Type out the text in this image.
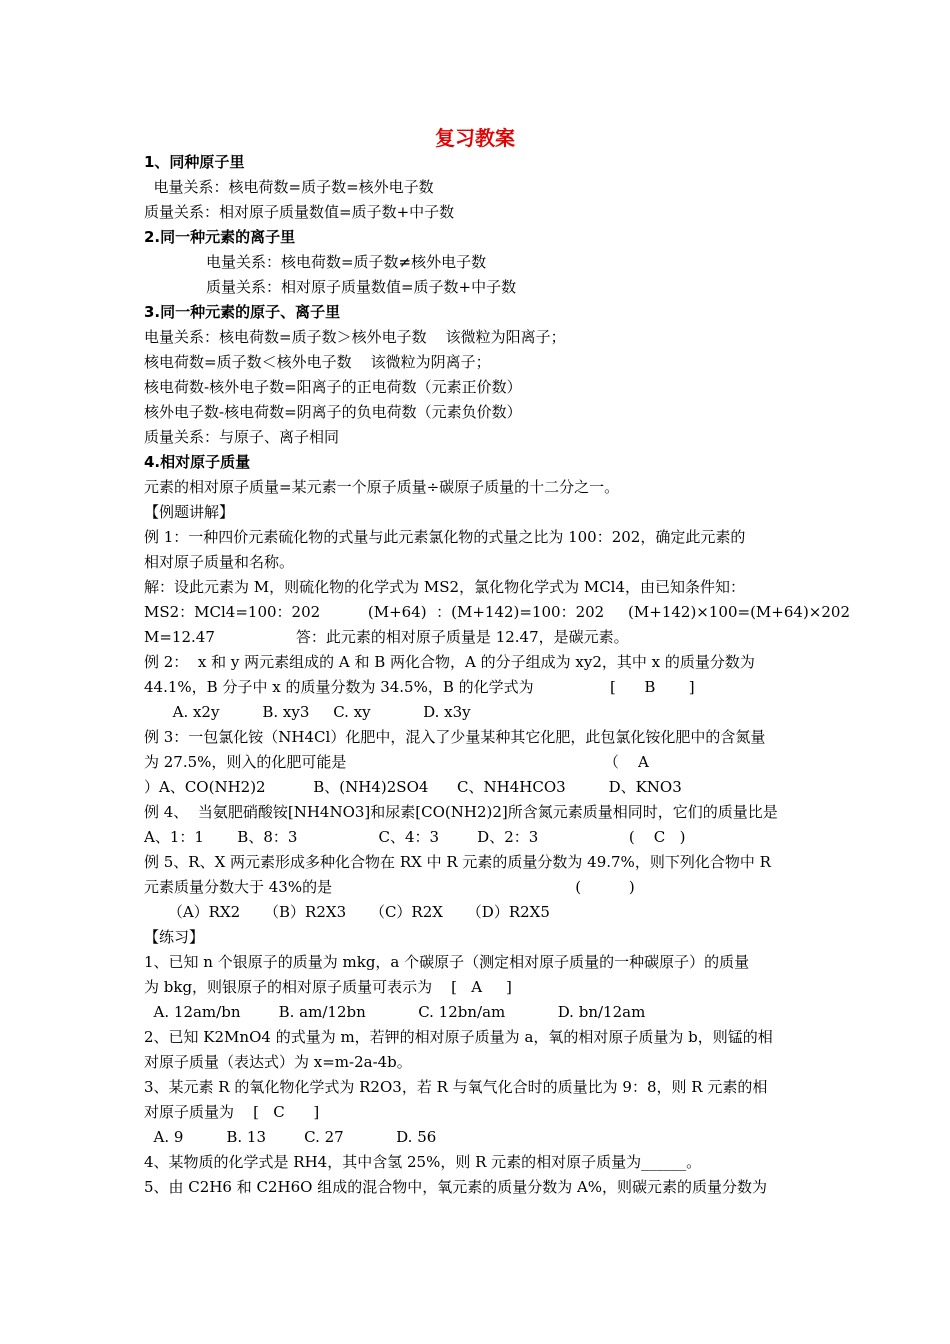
复习教案
1、同种原子里
电量关系：核电荷数=质子数=核外电子数
质量关系：相对原子质量数值=质子数+中子数
2.同一种元素的离子里
电量关系：核电荷数=质子数≠核外电子数
质量关系：相对原子质量数值=质子数+中子数
3.同一种元素的原子、离子里
电量关系：核电荷数=质子数＞核外电子数    该微粒为阳离子；
核电荷数=质子数＜核外电子数    该微粒为阴离子；
核电荷数-核外电子数=阳离子的正电荷数（元素正价数）
核外电子数-核电荷数=阴离子的负电荷数（元素负价数）
质量关系：与原子、离子相同
4.相对原子质量
元素的相对原子质量=某元素一个原子质量÷碳原子质量的十二分之一。
【例题讲解】
例 1：一种四价元素硫化物的式量与此元素氯化物的式量之比为 100：202，确定此元素的
相对原子质量和名称。
解：设此元素为 M，则硫化物的化学式为 MS2，氯化物化学式为 MCl4，由已知条件知：
MS2：MCl4=100：202          (M+64)  ：(M+142)=100：202     (M+142)×100=(M+64)×202
M=12.47                 答：此元素的相对原子质量是 12.47，是碳元素。
例 2：  x 和 y 两元素组成的 A 和 B 两化合物，A 的分子组成为 xy2，其中 x 的质量分数为
44.1%，B 分子中 x 的质量分数为 34.5%，B 的化学式为                [      B       ]
A. x2y         B. xy3     C. xy           D. x3y
例 3：一包氯化铵（NH4Cl）化肥中，混入了少量某种其它化肥，此包氯化铵化肥中的含氮量
为 27.5%，则入的化肥可能是                                                      （    A
）A、CO(NH2)2          B、(NH4)2SO4      C、NH4HCO3         D、KNO3
例 4、  当氨肥硝酸铵[NH4NO3]和尿素[CO(NH2)2]所含氮元素质量相同时，它们的质量比是
A、1：1       B、8：3                 C、4：3        D、2：3                   (    C   )
例 5、R、X 两元素形成多种化合物在 RX 中 R 元素的质量分数为 49.7%，则下列化合物中 R
元素质量分数大于 43%的是                                                   (          )
（A）RX2     （B）R2X3     （C）R2X     （D）R2X5
【练习】
1、已知 n 个银原子的质量为 mkg，a 个碳原子（测定相对原子质量的一种碳原子）的质量
为 bkg，则银原子的相对原子质量可表示为    [   A     ]
A. 12am/bn        B. am/12bn           C. 12bn/am           D. bn/12am
2、已知 K2MnO4 的式量为 m，若钾的相对原子质量为 a，氧的相对原子质量为 b，则锰的相
对原子质量（表达式）为 x=m-2a-4b。
3、某元素 R 的氧化物化学式为 R2O3，若 R 与氧气化合时的质量比为 9：8，则 R 元素的相
对原子质量为    [   C      ]
A. 9         B. 13        C. 27           D. 56
4、某物质的化学式是 RH4，其中含氢 25%，则 R 元素的相对原子质量为______。
5、由 C2H6 和 C2H6O 组成的混合物中，氧元素的质量分数为 A%，则碳元素的质量分数为
